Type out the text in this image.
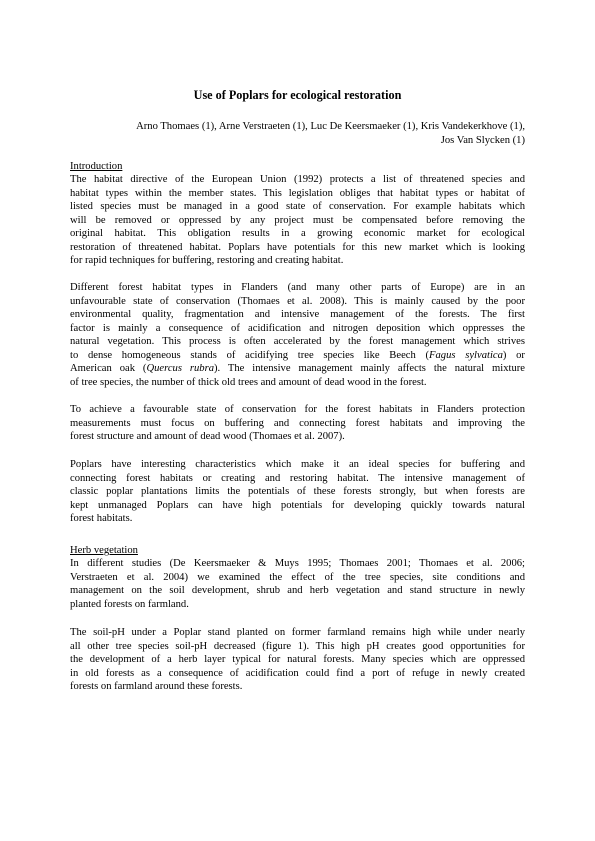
Use of Poplars for ecological restoration
Arno Thomaes (1), Arne Verstraeten (1), Luc De Keersmaeker (1), Kris Vandekerkhove (1),
Jos Van Slycken (1)
Introduction
The habitat directive of the European Union (1992) protects a list of threatened species and
habitat types within the member states. This legislation obliges that habitat types or habitat of
listed species must be managed in a good state of conservation. For example habitats which
will be removed or oppressed by any project must be compensated before removing the
original habitat. This obligation results in a growing economic market for ecological
restoration of threatened habitat. Poplars have potentials for this new market which is looking
for rapid techniques for buffering, restoring and creating habitat.
Different forest habitat types in Flanders (and many other parts of Europe) are in an
unfavourable state of conservation (Thomaes et al. 2008). This is mainly caused by the poor
environmental quality, fragmentation and intensive management of the forests. The first
factor is mainly a consequence of acidification and nitrogen deposition which oppresses the
natural vegetation. This process is often accelerated by the forest management which strives
to dense homogeneous stands of acidifying tree species like Beech (Fagus sylvatica) or
American oak (Quercus rubra). The intensive management mainly affects the natural mixture
of tree species, the number of thick old trees and amount of dead wood in the forest.
To achieve a favourable state of conservation for the forest habitats in Flanders protection
measurements must focus on buffering and connecting forest habitats and improving the
forest structure and amount of dead wood (Thomaes et al. 2007).
Poplars have interesting characteristics which make it an ideal species for buffering and
connecting forest habitats or creating and restoring habitat. The intensive management of
classic poplar plantations limits the potentials of these forests strongly, but when forests are
kept unmanaged Poplars can have high potentials for developing quickly towards natural
forest habitats.
Herb vegetation
In different studies (De Keersmaeker & Muys 1995; Thomaes 2001; Thomaes et al. 2006;
Verstraeten et al. 2004) we examined the effect of the tree species, site conditions and
management on the soil development, shrub and herb vegetation and stand structure in newly
planted forests on farmland.
The soil-pH under a Poplar stand planted on former farmland remains high while under nearly
all other tree species soil-pH decreased (figure 1). This high pH creates good opportunities for
the development of a herb layer typical for natural forests. Many species which are oppressed
in old forests as a consequence of acidification could find a port of refuge in newly created
forests on farmland around these forests.
